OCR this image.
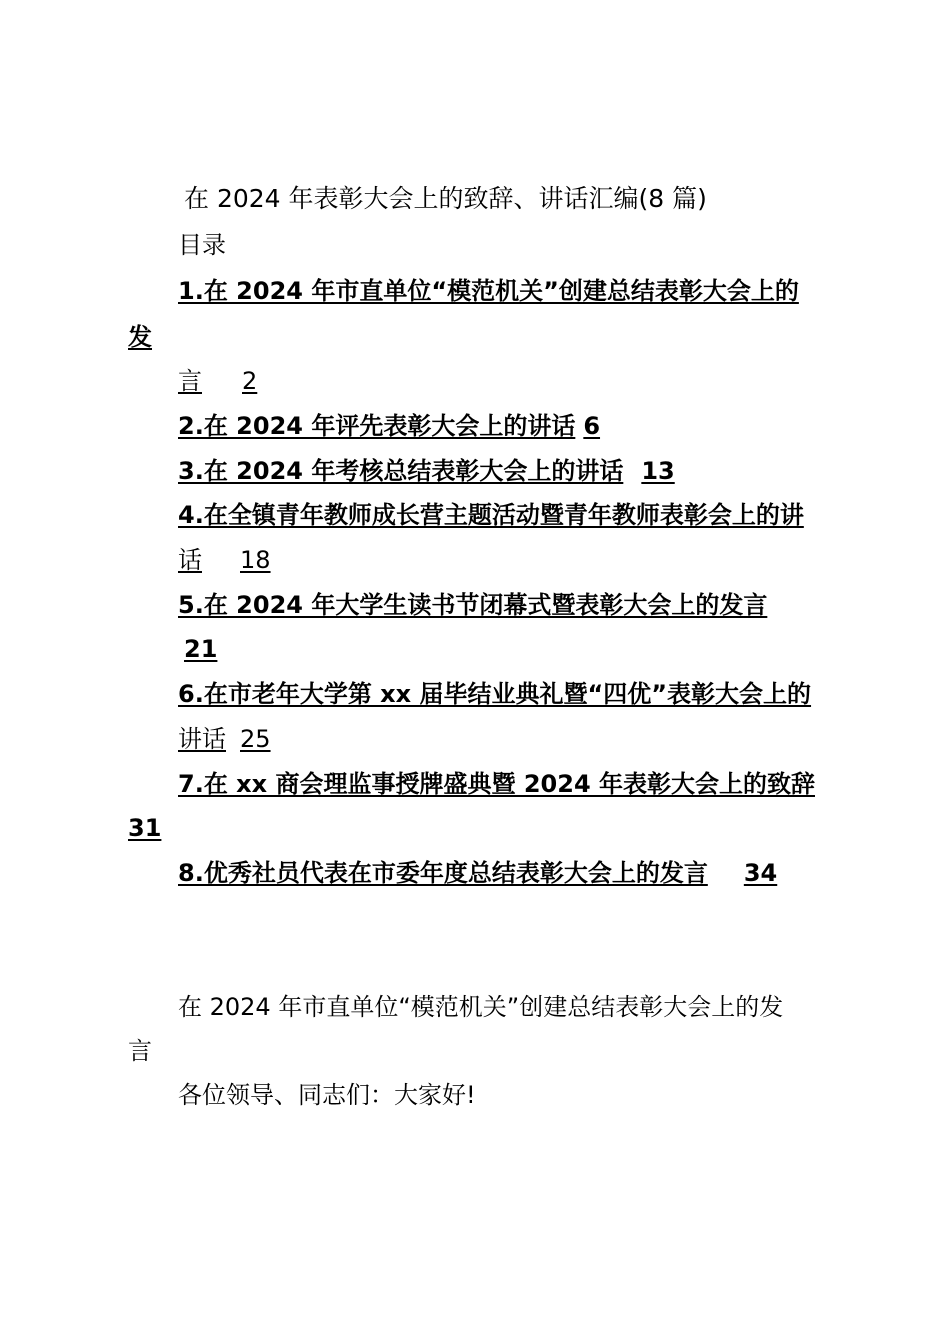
在 2024 年表彰大会上的致辞、讲话汇编(8 篇)
目录
1.在 2024 年市直单位“模范机关”创建总结表彰大会上的
发
言 2
2.在 2024 年评先表彰大会上的讲话 6
3.在 2024 年考核总结表彰大会上的讲话 13
4.在全镇青年教师成长营主题活动暨青年教师表彰会上的讲
话 18
5.在 2024 年大学生读书节闭幕式暨表彰大会上的发言
21
6.在市老年大学第 xx 届毕结业典礼暨“四优”表彰大会上的
讲话 25
7.在 xx 商会理监事授牌盛典暨 2024 年表彰大会上的致辞
31
8.优秀社员代表在市委年度总结表彰大会上的发言 34
在 2024 年市直单位“模范机关”创建总结表彰大会上的发
言
各位领导、同志们：大家好!
